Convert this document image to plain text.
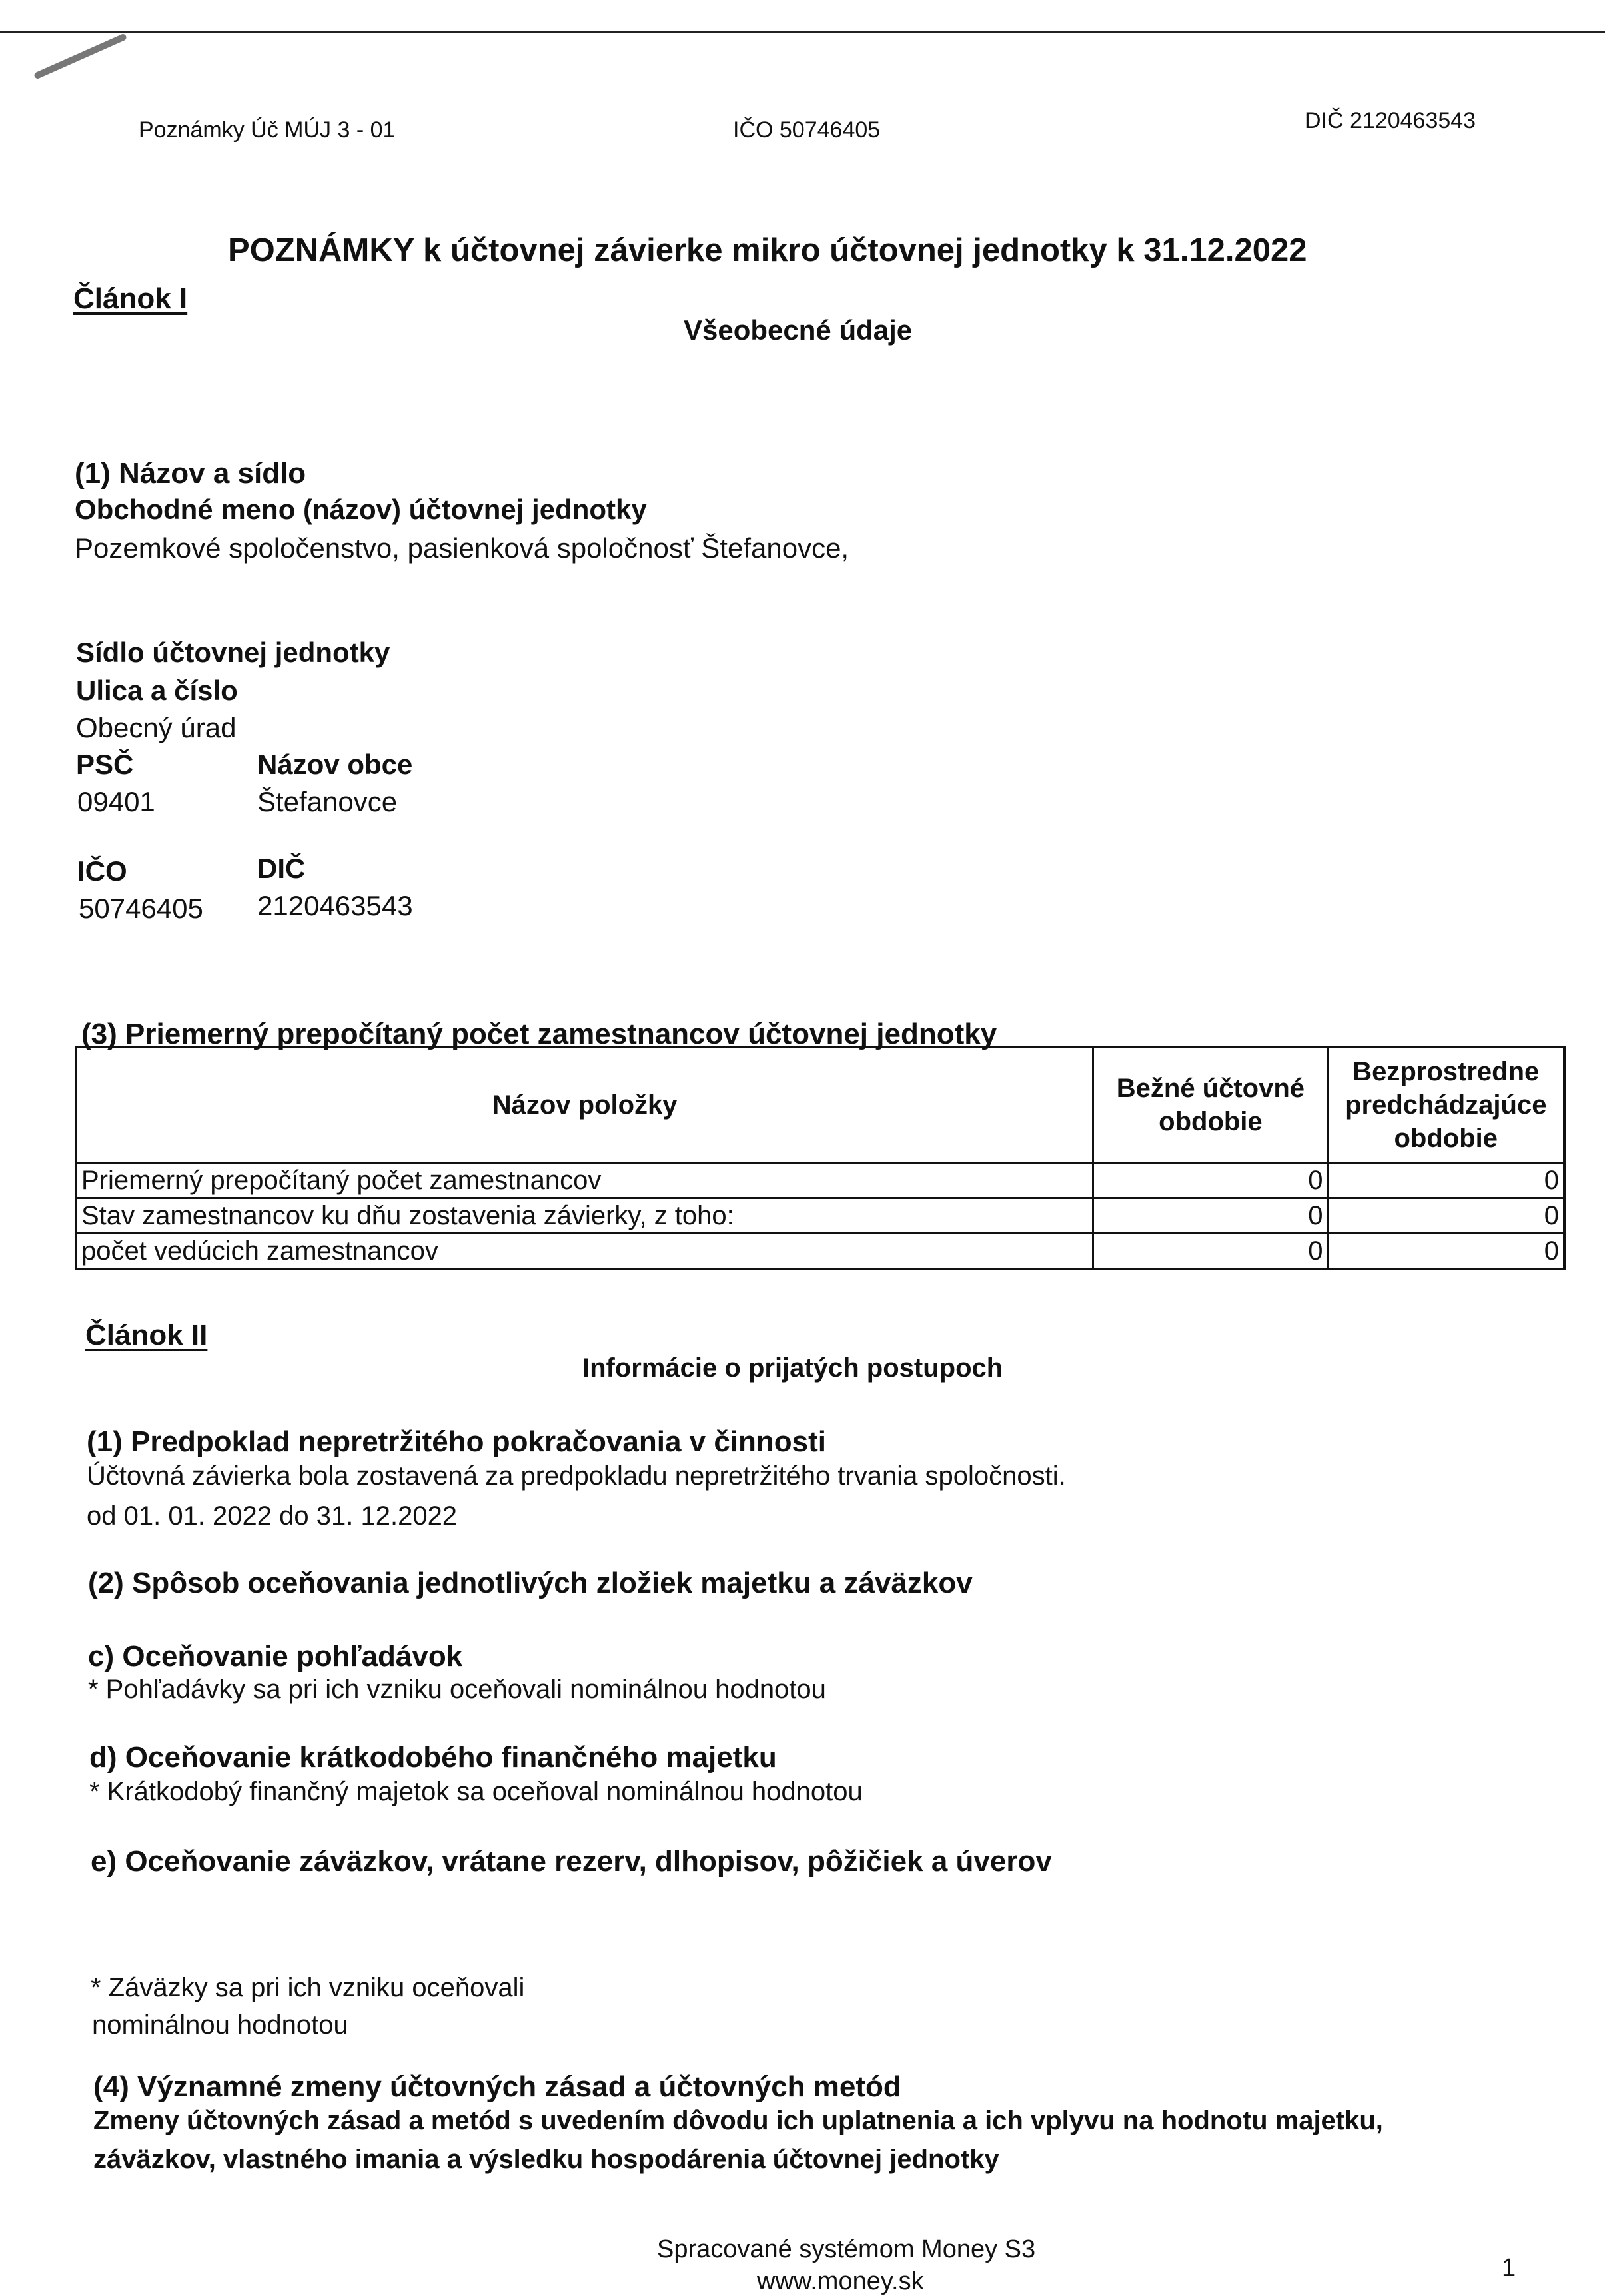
Poznámky Úč MÚJ 3 - 01	IČO 50746405	DIČ 2120463543
POZNÁMKY k účtovnej závierke mikro účtovnej jednotky k 31.12.2022
Článok I
Všeobecné údaje
(1) Názov a sídlo
Obchodné meno (názov) účtovnej jednotky
Pozemkové spoločenstvo, pasienková spoločnosť Štefanovce,
Sídlo účtovnej jednotky
Ulica a číslo
Obecný úrad
PSČ	Názov obce
09401	Štefanovce
IČO	DIČ
50746405 2120463543
(3) Priemerný prepočítaný počet zamestnancov účtovnej jednotky
Názov položky	Bežné účtovné obdobie	Bezprostredne predchádzajúce obdobie
Priemerný prepočítaný počet zamestnancov	0	0
Stav zamestnancov ku dňu zostavenia závierky, z toho:	0	0
počet vedúcich zamestnancov	0	0
Článok II
Informácie o prijatých postupoch
(1) Predpoklad nepretržitého pokračovania v činnosti
Účtovná závierka bola zostavená za predpokladu nepretržitého trvania spoločnosti.
od 01. 01. 2022 do 31. 12.2022
(2) Spôsob oceňovania jednotlivých zložiek majetku a záväzkov
c) Oceňovanie pohľadávok
* Pohľadávky sa pri ich vzniku oceňovali nominálnou hodnotou
d) Oceňovanie krátkodobého finančného majetku
* Krátkodobý finančný majetok sa oceňoval nominálnou hodnotou
e) Oceňovanie záväzkov, vrátane rezerv, dlhopisov, pôžičiek a úverov
* Záväzky sa pri ich vzniku oceňovali
nominálnou hodnotou
(4) Významné zmeny účtovných zásad a účtovných metód
Zmeny účtovných zásad a metód s uvedením dôvodu ich uplatnenia a ich vplyvu na hodnotu majetku,
záväzkov, vlastného imania a výsledku hospodárenia účtovnej jednotky
Spracované systémom Money S3
www.money.sk	1
